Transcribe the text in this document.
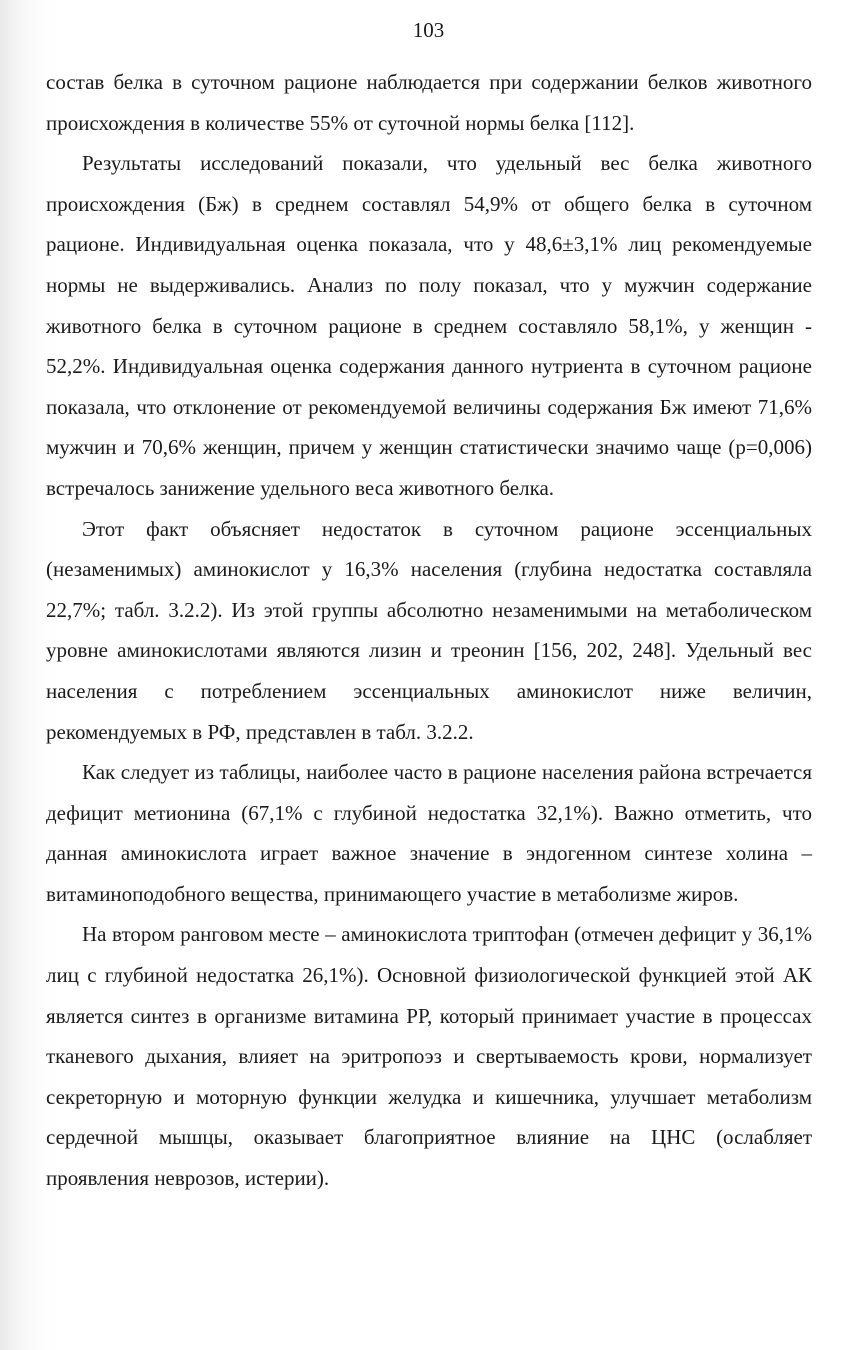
103

состав белка в суточном рационе наблюдается при содержании белков животного происхождения в количестве 55% от суточной нормы белка [112].

Результаты исследований показали, что удельный вес белка животного происхождения (Бж) в среднем составлял 54,9% от общего белка в суточном рационе. Индивидуальная оценка показала, что у 48,6±3,1% лиц рекомендуемые нормы не выдерживались. Анализ по полу показал, что у мужчин содержание животного белка в суточном рационе в среднем составляло 58,1%, у женщин - 52,2%. Индивидуальная оценка содержания данного нутриента в суточном рационе показала, что отклонение от рекомендуемой величины содержания Бж имеют 71,6% мужчин и 70,6% женщин, причем у женщин статистически значимо чаще (p=0,006) встречалось занижение удельного веса животного белка.

Этот факт объясняет недостаток в суточном рационе эссенциальных (незаменимых) аминокислот у 16,3% населения (глубина недостатка составляла 22,7%; табл. 3.2.2). Из этой группы абсолютно незаменимыми на метаболическом уровне аминокислотами являются лизин и треонин [156, 202, 248]. Удельный вес населения с потреблением эссенциальных аминокислот ниже величин, рекомендуемых в РФ, представлен в табл. 3.2.2.

Как следует из таблицы, наиболее часто в рационе населения района встречается дефицит метионина (67,1% с глубиной недостатка 32,1%). Важно отметить, что данная аминокислота играет важное значение в эндогенном синтезе холина – витаминоподобного вещества, принимающего участие в метаболизме жиров.

На втором ранговом месте – аминокислота триптофан (отмечен дефицит у 36,1% лиц с глубиной недостатка 26,1%). Основной физиологической функцией этой АК является синтез в организме витамина РР, который принимает участие в процессах тканевого дыхания, влияет на эритропоэз и свертываемость крови, нормализует секреторную и моторную функции желудка и кишечника, улучшает метаболизм сердечной мышцы, оказывает благоприятное влияние на ЦНС (ослабляет проявления неврозов, истерии).
